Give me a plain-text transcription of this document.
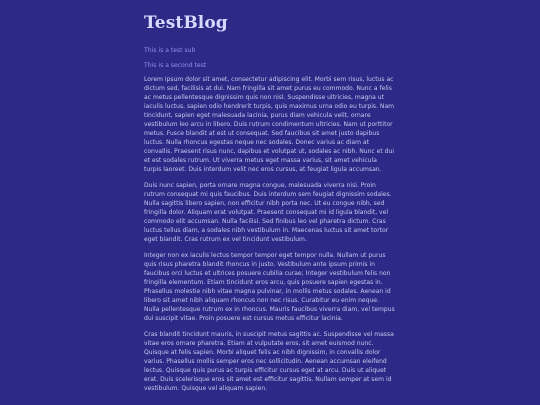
TestBlog

This is a test sub

This is a second test

Lorem ipsum dolor sit amet, consectetur adipiscing elit. Morbi sem risus, luctus ac dictum sed, facilisis at dui. Nam fringilla sit amet purus eu commodo. Nunc a felis ac metus pellentesque dignissim quis non nisl. Suspendisse ultricies, magna ut iaculis luctus, sapien odio hendrerit turpis, quis maximus urna odio eu turpis. Nam tincidunt, sapien eget malesuada lacinia, purus diam vehicula velit, ornare vestibulum leo arcu in libero. Duis rutrum condimentum ultricies. Nam ut porttitor metus. Fusce blandit at est ut consequat. Sed faucibus sit amet justo dapibus luctus. Nulla rhoncus egestas neque nec sodales. Donec varius ac diam at convallis. Praesent risus nunc, dapibus et volutpat ut, sodales ac nibh. Nunc et dui et est sodales rutrum. Ut viverra metus eget massa varius, sit amet vehicula turpis laoreet. Duis interdum velit nec eros cursus, at feugiat ligula accumsan.

Duis nunc sapien, porta ornare magna congue, malesuada viverra nisi. Proin rutrum consequat mi quis faucibus. Duis interdum sem feugiat dignissim sodales. Nulla sagittis libero sapien, non efficitur nibh porta nec. Ut eu congue nibh, sed fringilla dolor. Aliquam erat volutpat. Praesent consequat mi id ligula blandit, vel commodo elit accumsan. Nulla facilisi. Sed finibus leo vel pharetra dictum. Cras luctus tellus diam, a sodales nibh vestibulum in. Maecenas luctus sit amet tortor eget blandit. Cras rutrum ex vel tincidunt vestibulum.

Integer non ex iaculis lectus tempor tempor eget tempor nulla. Nullam ut purus quis risus pharetra blandit rhoncus in justo. Vestibulum ante ipsum primis in faucibus orci luctus et ultrices posuere cubilia curae; Integer vestibulum felis non fringilla elementum. Etiam tincidunt eros arcu, quis posuere sapien egestas in. Phasellus molestie nibh vitae magna pulvinar, in mollis metus sodales. Aenean id libero sit amet nibh aliquam rhoncus non nec risus. Curabitur eu enim neque. Nulla pellentesque rutrum ex in rhoncus. Mauris faucibus viverra diam, vel tempus dui suscipit vitae. Proin posuere est cursus metus efficitur lacinia.

Cras blandit tincidunt mauris, in suscipit metus sagittis ac. Suspendisse vel massa vitae eros ornare pharetra. Etiam at vulputate eros, sit amet euismod nunc. Quisque at felis sapien. Morbi aliquet felis ac nibh dignissim, in convallis dolor varius. Phasellus mollis semper eros nec sollicitudin. Aenean accumsan eleifend lectus. Quisque quis purus ac turpis efficitur cursus eget at arcu. Duis ut aliquet erat. Duis scelerisque eros sit amet est efficitur sagittis. Nullam semper at sem id vestibulum. Quisque vel aliquam sapien.
